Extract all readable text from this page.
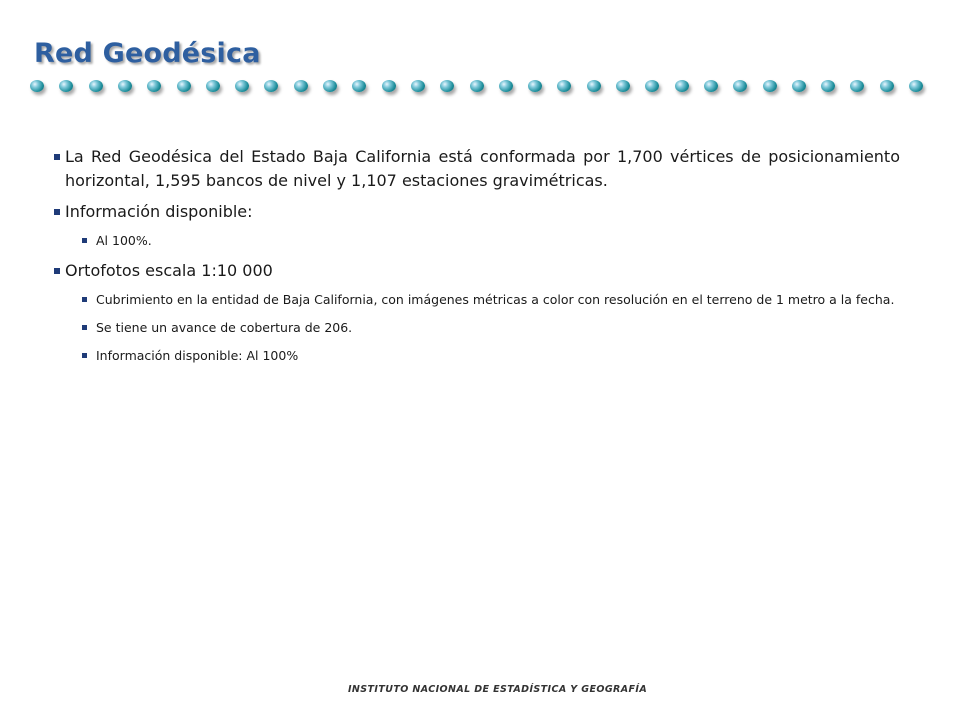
Red Geodésica
La Red Geodésica del Estado Baja California está conformada por 1,700 vértices de posicionamiento horizontal, 1,595 bancos de nivel y 1,107 estaciones gravimétricas.
Información disponible:
Al 100%.
Ortofotos escala 1:10 000
Cubrimiento en la entidad de Baja California, con imágenes métricas a color con resolución en el terreno de 1 metro a la fecha.
Se tiene un avance de cobertura de 206.
Información disponible: Al 100%
INSTITUTO NACIONAL DE ESTADÍSTICA Y GEOGRAFÍA
